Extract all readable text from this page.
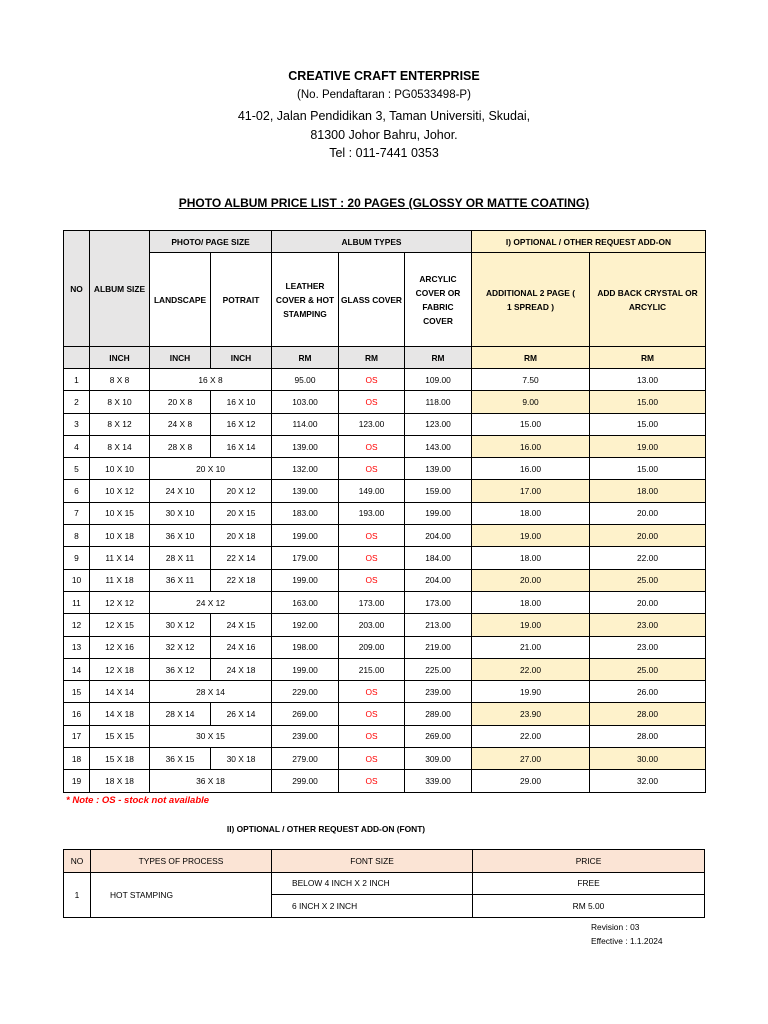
CREATIVE CRAFT ENTERPRISE
(No. Pendaftaran : PG0533498-P)
41-02, Jalan Pendidikan 3, Taman Universiti, Skudai,
81300 Johor Bahru, Johor.
Tel : 011-7441 0353
PHOTO ALBUM PRICE LIST : 20 PAGES (GLOSSY OR MATTE COATING)
NO	ALBUM SIZE	PHOTO/ PAGE SIZE		ALBUM TYPES			I) OPTIONAL / OTHER REQUEST ADD-ON	
		LANDSCAPE	POTRAIT	LEATHER COVER & HOT STAMPING	GLASS COVER	ARCYLIC COVER OR FABRIC COVER	ADDITIONAL 2 PAGE ( 1 SPREAD )	ADD BACK CRYSTAL OR ARCYLIC
	INCH	INCH	INCH	RM	RM	RM	RM	RM
1	8 X 8	16 X 8		95.00	OS	109.00	7.50	13.00
2	8 X 10	20 X 8	16 X 10	103.00	OS	118.00	9.00	15.00
3	8 X 12	24 X 8	16 X 12	114.00	123.00	123.00	15.00	15.00
4	8 X 14	28 X 8	16 X 14	139.00	OS	143.00	16.00	19.00
5	10 X 10	20 X 10		132.00	OS	139.00	16.00	15.00
6	10 X 12	24 X 10	20 X 12	139.00	149.00	159.00	17.00	18.00
7	10 X 15	30 X 10	20 X 15	183.00	193.00	199.00	18.00	20.00
8	10 X 18	36 X 10	20 X 18	199.00	OS	204.00	19.00	20.00
9	11 X 14	28 X 11	22 X 14	179.00	OS	184.00	18.00	22.00
10	11 X 18	36 X 11	22 X 18	199.00	OS	204.00	20.00	25.00
11	12 X 12	24 X 12		163.00	173.00	173.00	18.00	20.00
12	12 X 15	30 X 12	24 X 15	192.00	203.00	213.00	19.00	23.00
13	12 X 16	32 X 12	24 X 16	198.00	209.00	219.00	21.00	23.00
14	12 X 18	36 X 12	24 X 18	199.00	215.00	225.00	22.00	25.00
15	14 X 14	28 X 14		229.00	OS	239.00	19.90	26.00
16	14 X 18	28 X 14	26 X 14	269.00	OS	289.00	23.90	28.00
17	15 X 15	30 X 15		239.00	OS	269.00	22.00	28.00
18	15 X 18	36 X 15	30 X 18	279.00	OS	309.00	27.00	30.00
19	18 X 18	36 X 18		299.00	OS	339.00	29.00	32.00
* Note : OS - stock not available
II) OPTIONAL / OTHER REQUEST ADD-ON (FONT)
NO	TYPES OF PROCESS	FONT SIZE	PRICE
1	HOT STAMPING	BELOW 4 INCH X 2 INCH	FREE
		6 INCH X 2 INCH	RM 5.00
Revision : 03
Effective : 1.1.2024
